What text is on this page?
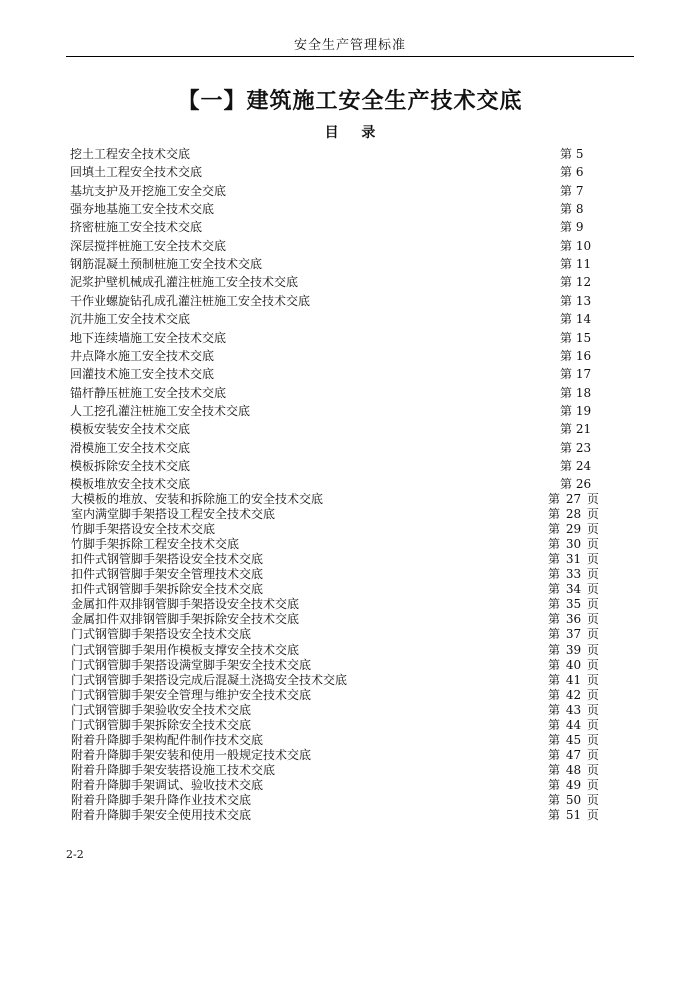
安全生产管理标准
【一】建筑施工安全生产技术交底
目 录
挖土工程安全技术交底	第 5
回填土工程安全技术交底	第 6
基坑支护及开挖施工安全交底	第 7
强夯地基施工安全技术交底	第 8
挤密桩施工安全技术交底	第 9
深层搅拌桩施工安全技术交底	第 10
钢筋混凝土预制桩施工安全技术交底	第 11
泥浆护壁机械成孔灌注桩施工安全技术交底	第 12
干作业螺旋钻孔成孔灌注桩施工安全技术交底	第 13
沉井施工安全技术交底	第 14
地下连续墙施工安全技术交底	第 15
井点降水施工安全技术交底	第 16
回灌技术施工安全技术交底	第 17
锚杆静压桩施工安全技术交底	第 18
人工挖孔灌注桩施工安全技术交底	第 19
模板安装安全技术交底	第 21
滑模施工安全技术交底	第 23
模板拆除安全技术交底	第 24
模板堆放安全技术交底	第 26
大模板的堆放、安装和拆除施工的安全技术交底	第 27 页
室内满堂脚手架搭设工程安全技术交底	第 28 页
竹脚手架搭设安全技术交底	第 29 页
竹脚手架拆除工程安全技术交底	第 30 页
扣件式钢管脚手架搭设安全技术交底	第 31 页
扣件式钢管脚手架安全管理技术交底	第 33 页
扣件式钢管脚手架拆除安全技术交底	第 34 页
金属扣件双排钢管脚手架搭设安全技术交底	第 35 页
金属扣件双排钢管脚手架拆除安全技术交底	第 36 页
门式钢管脚手架搭设安全技术交底	第 37 页
门式钢管脚手架用作模板支撑安全技术交底	第 39 页
门式钢管脚手架搭设满堂脚手架安全技术交底	第 40 页
门式钢管脚手架搭设完成后混凝土浇捣安全技术交底	第 41 页
门式钢管脚手架安全管理与维护安全技术交底	第 42 页
门式钢管脚手架验收安全技术交底	第 43 页
门式钢管脚手架拆除安全技术交底	第 44 页
附着升降脚手架构配件制作技术交底	第 45 页
附着升降脚手架安装和使用一般规定技术交底	第 47 页
附着升降脚手架安装搭设施工技术交底	第 48 页
附着升降脚手架调试、验收技术交底	第 49 页
附着升降脚手架升降作业技术交底	第 50 页
附着升降脚手架安全使用技术交底	第 51 页
2-2
